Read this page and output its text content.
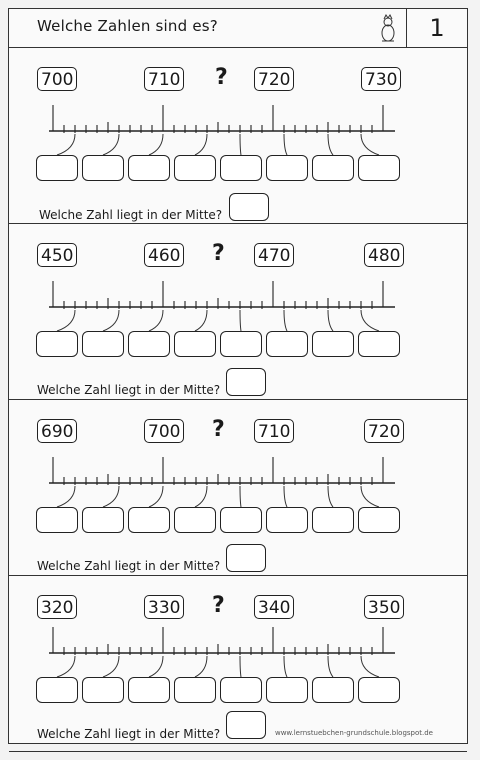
Welche Zahlen sind es?	1
700	710 ? 720	730
Welche Zahl liegt in der Mitte?
450	460 ? 470	480
Welche Zahl liegt in der Mitte?
690	700 ? 710	720
Welche Zahl liegt in der Mitte?
320	330 ? 340	350
Welche Zahl liegt in der Mitte?	www.lernstuebchen-grundschule.blogspot.de
